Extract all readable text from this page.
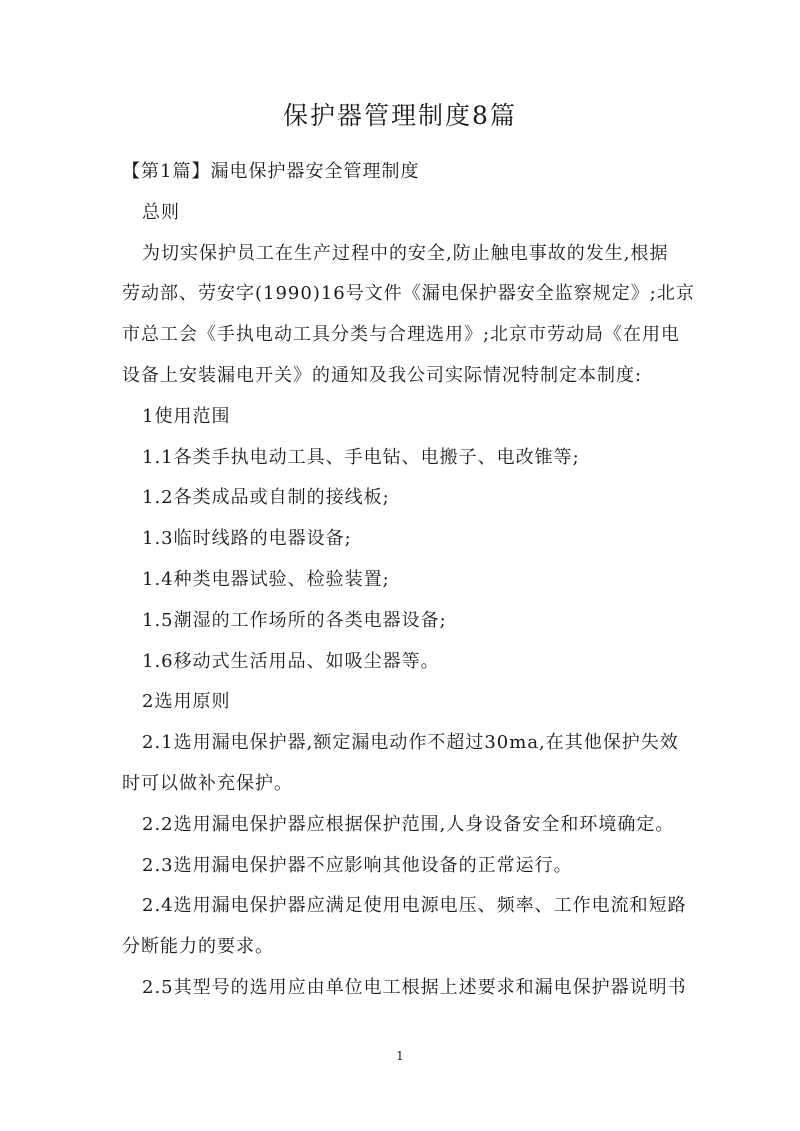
保护器管理制度8篇

【第1篇】漏电保护器安全管理制度

总则

为切实保护员工在生产过程中的安全,防止触电事故的发生,根据

劳动部、劳安字(1990)16号文件《漏电保护器安全监察规定》;北京

市总工会《手执电动工具分类与合理选用》;北京市劳动局《在用电

设备上安装漏电开关》的通知及我公司实际情况特制定本制度:

1使用范围

1.1各类手执电动工具、手电钻、电搬子、电改锥等;

1.2各类成品或自制的接线板;

1.3临时线路的电器设备;

1.4种类电器试验、检验装置;

1.5潮湿的工作场所的各类电器设备;

1.6移动式生活用品、如吸尘器等。

2选用原则

2.1选用漏电保护器,额定漏电动作不超过30ma,在其他保护失效

时可以做补充保护。

2.2选用漏电保护器应根据保护范围,人身设备安全和环境确定。

2.3选用漏电保护器不应影响其他设备的正常运行。

2.4选用漏电保护器应满足使用电源电压、频率、工作电流和短路

分断能力的要求。

2.5其型号的选用应由单位电工根据上述要求和漏电保护器说明书

1
